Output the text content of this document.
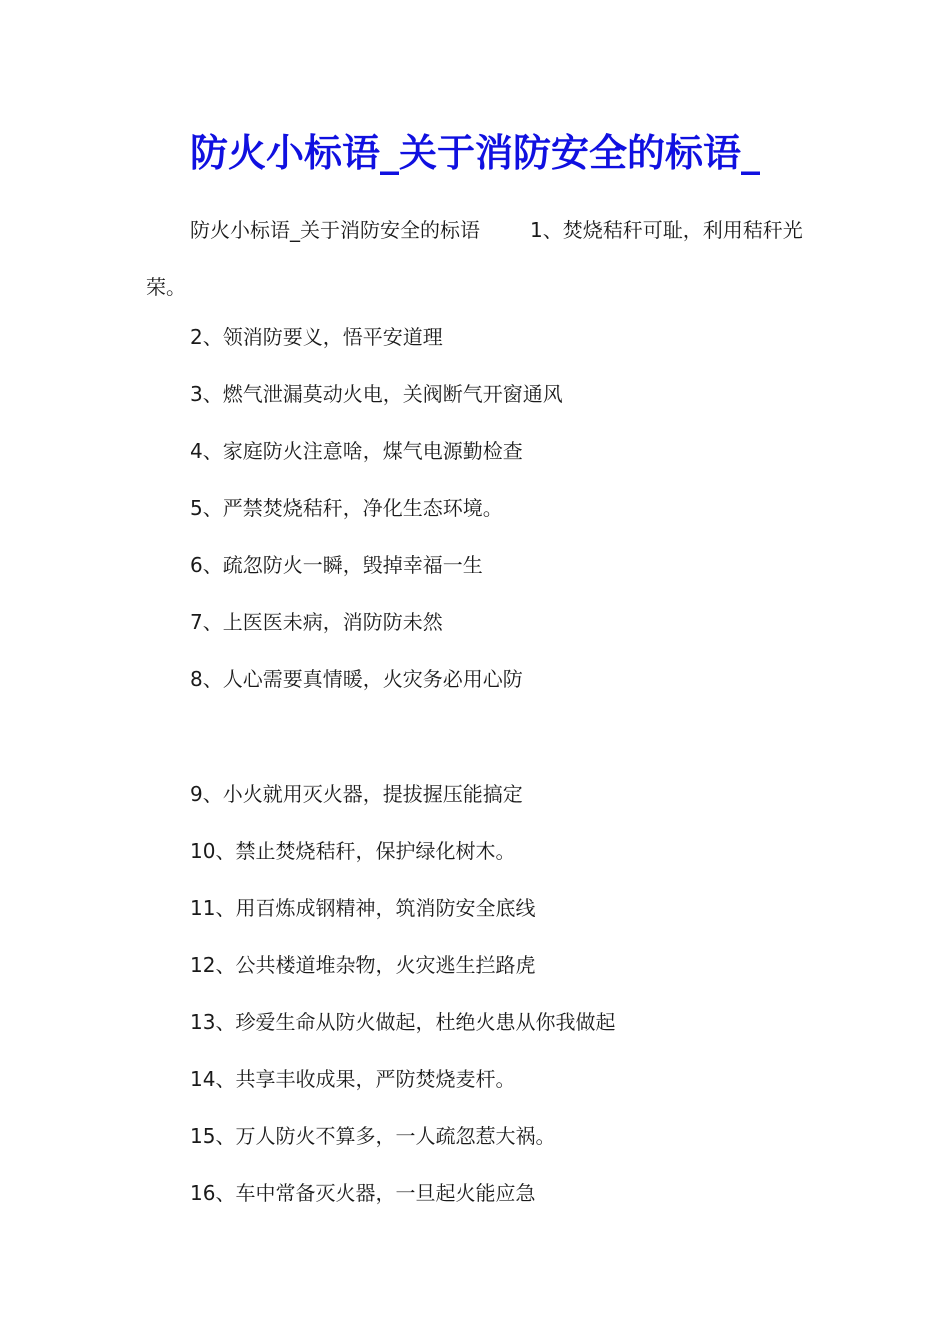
防火小标语_关于消防安全的标语_
防火小标语_关于消防安全的标语	1、焚烧秸秆可耻，利用秸秆光荣。
2、领消防要义，悟平安道理
3、燃气泄漏莫动火电，关阀断气开窗通风
4、家庭防火注意啥，煤气电源勤检查
5、严禁焚烧秸秆，净化生态环境。
6、疏忽防火一瞬，毁掉幸福一生
7、上医医未病，消防防未然
8、人心需要真情暖，火灾务必用心防
9、小火就用灭火器，提拔握压能搞定
10、禁止焚烧秸秆，保护绿化树木。
11、用百炼成钢精神，筑消防安全底线
12、公共楼道堆杂物，火灾逃生拦路虎
13、珍爱生命从防火做起，杜绝火患从你我做起
14、共享丰收成果，严防焚烧麦杆。
15、万人防火不算多，一人疏忽惹大祸。
16、车中常备灭火器，一旦起火能应急
